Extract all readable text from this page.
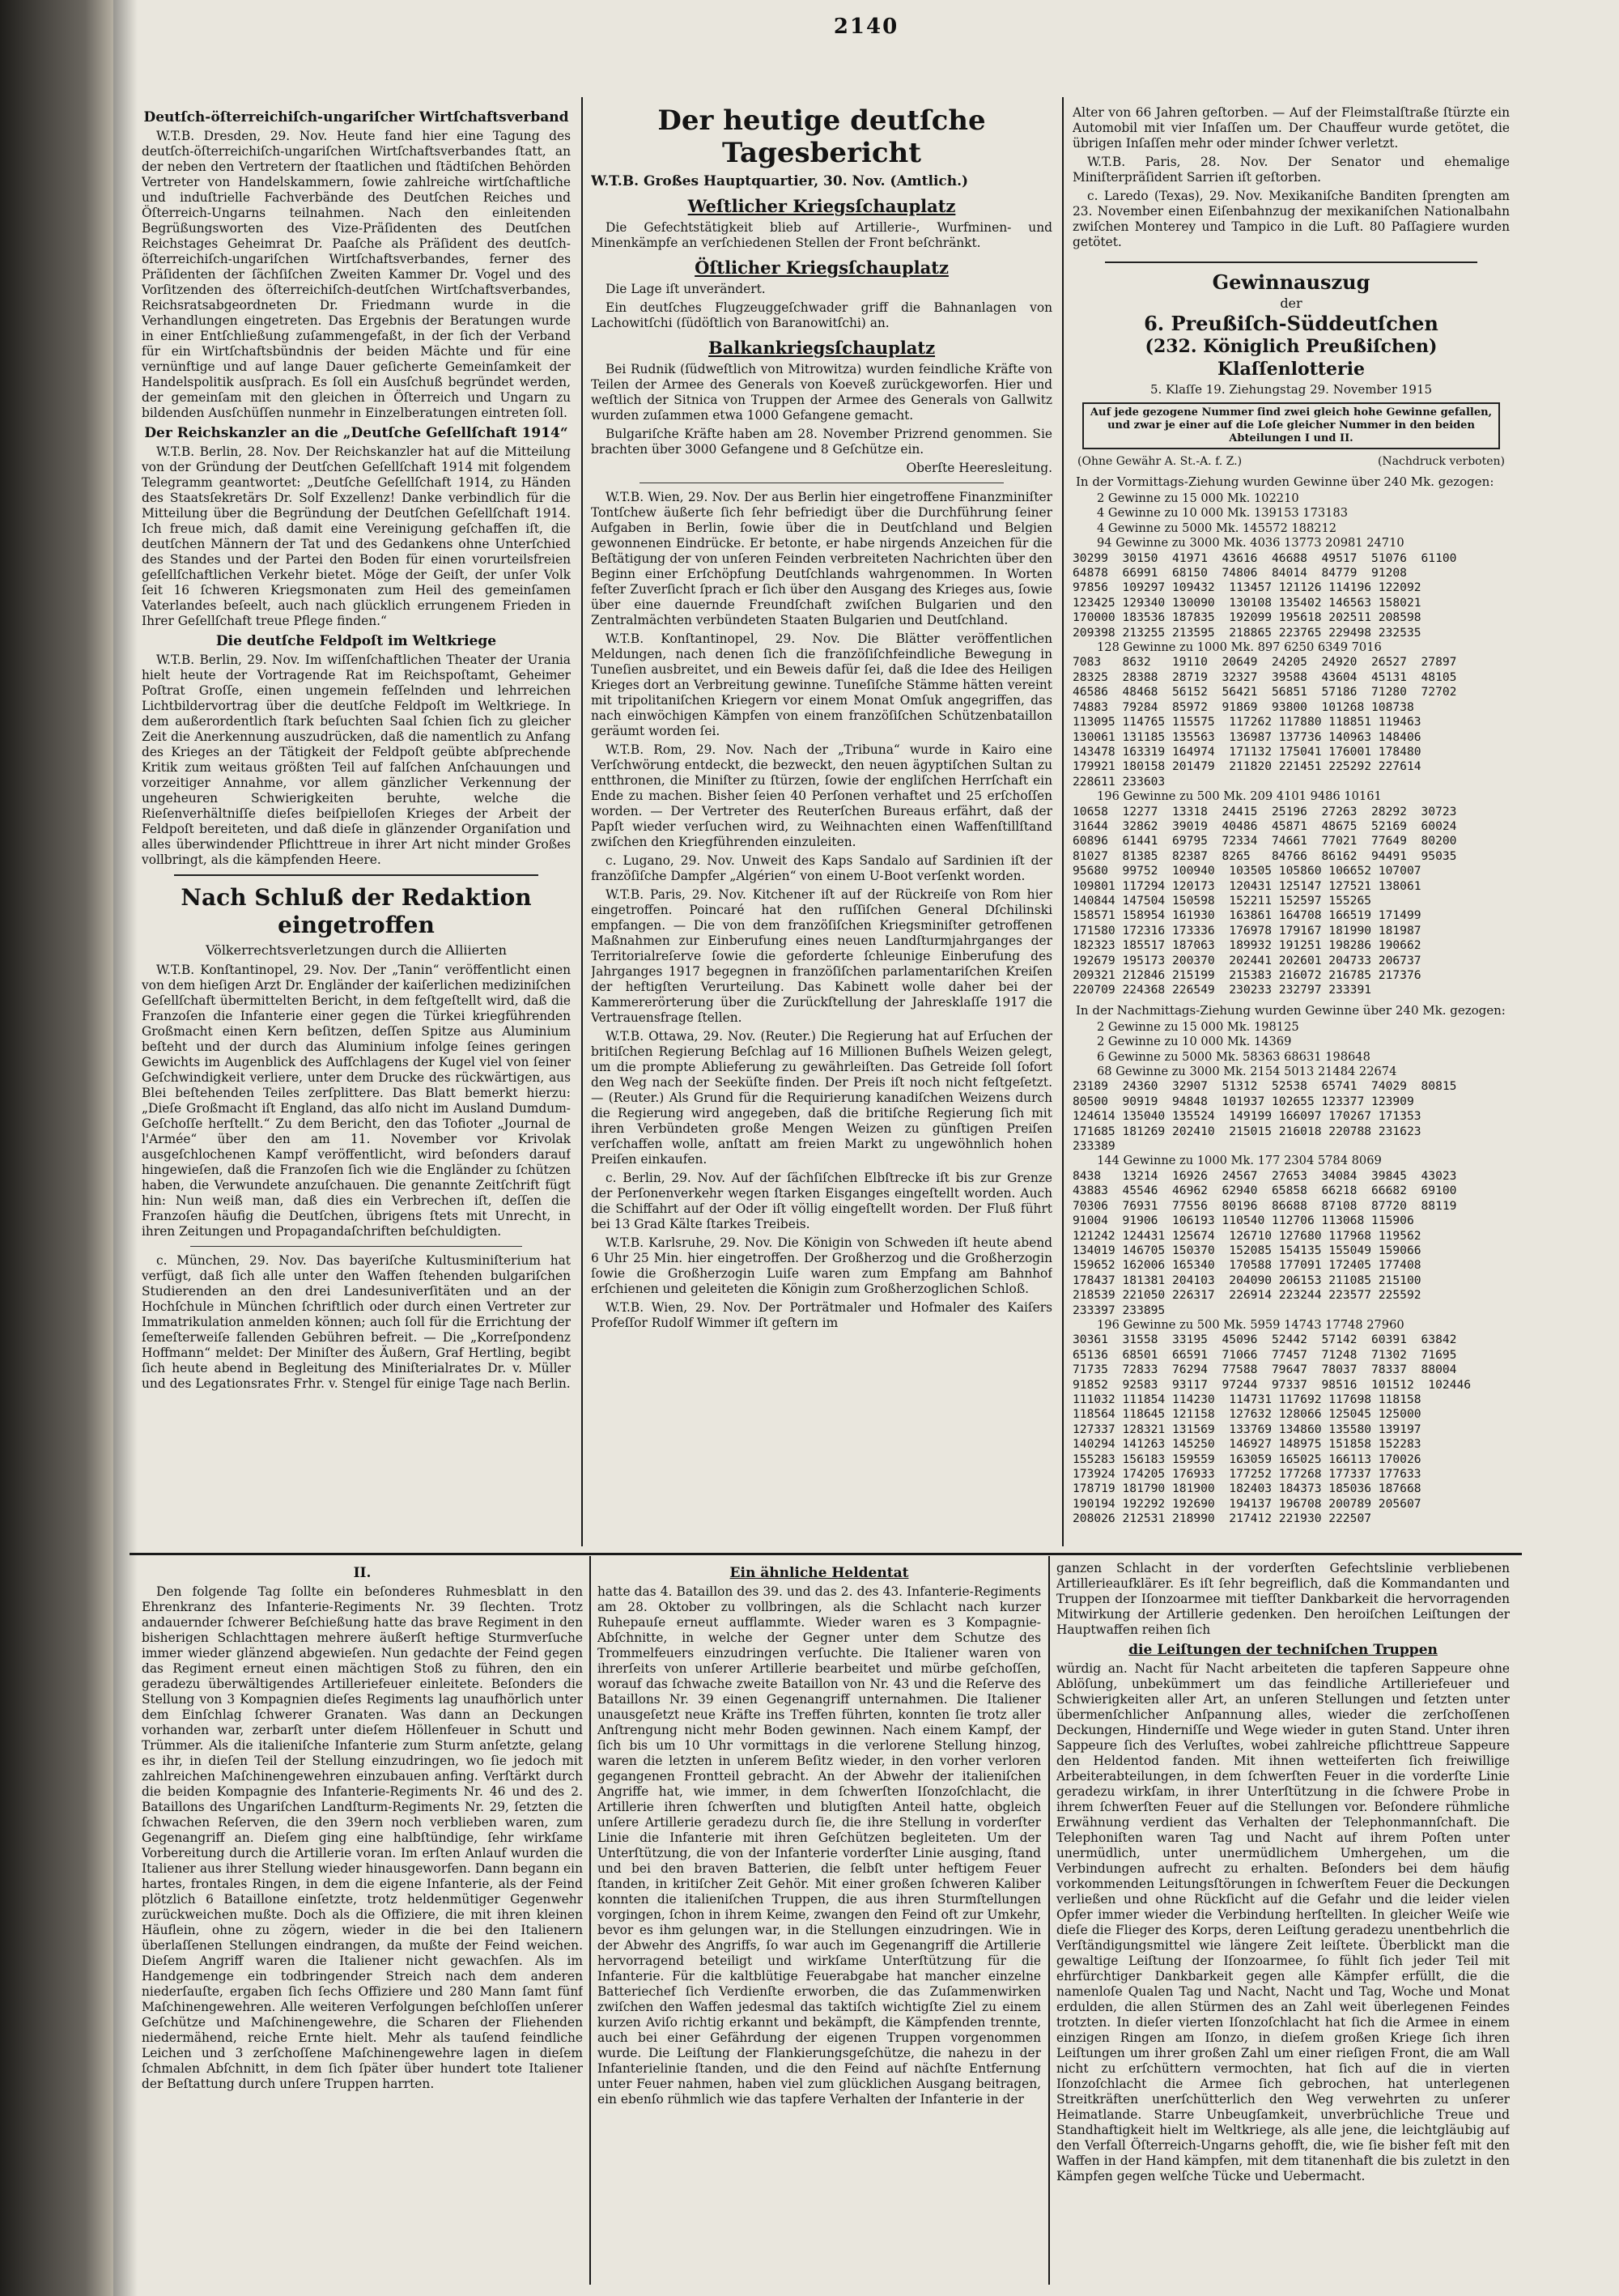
2140
Deutſch-öſterreichiſch-ungariſcher Wirtſchaftsverband

W.T.B. Dresden, 29. Nov. Heute fand hier eine Tagung des deutſch-öſterreichiſch-ungariſchen Wirtſchaftsverbandes ſtatt, an der neben den Vertretern der ſtaatlichen und ſtädtiſchen Behörden Vertreter von Handelskammern, ſowie zahlreiche wirtſchaftliche und induſtrielle Fachverbände des Deutſchen Reiches und Öſterreich-Ungarns teilnahmen. Nach den einleitenden Begrüßungsworten des Vize-Präſidenten des Deutſchen Reichstages Geheimrat Dr. Paaſche als Präſident des deutſch-öſterreichiſch-ungariſchen Wirtſchaftsverbandes, ferner des Präſidenten der ſächſiſchen Zweiten Kammer Dr. Vogel und des Vorſitzenden des öſterreichiſch-deutſchen Wirtſchaftsverbandes, Reichsratsabgeordneten Dr. Friedmann wurde in die Verhandlungen eingetreten. Das Ergebnis der Beratungen wurde in einer Entſchließung zuſammengefaßt, in der ſich der Verband für ein Wirtſchaftsbündnis der beiden Mächte und für eine vernünftige und auf lange Dauer geſicherte Gemeinſamkeit der Handelspolitik ausſprach. Es ſoll ein Ausſchuß begründet werden, der gemeinſam mit den gleichen in Öſterreich und Ungarn zu bildenden Ausſchüſſen nunmehr in Einzelberatungen eintreten ſoll.

Der Reichskanzler an die „Deutſche Geſellſchaft 1914“

W.T.B. Berlin, 28. Nov. Der Reichskanzler hat auf die Mitteilung von der Gründung der Deutſchen Geſellſchaft 1914 mit folgendem Telegramm geantwortet: „Deutſche Geſellſchaft 1914, zu Händen des Staatsſekretärs Dr. Solf Exzellenz! Danke verbindlich für die Mitteilung über die Begründung der Deutſchen Geſellſchaft 1914. Ich freue mich, daß damit eine Vereinigung geſchaffen iſt, die deutſchen Männern der Tat und des Gedankens ohne Unterſchied des Standes und der Partei den Boden für einen vorurteilsfreien geſellſchaftlichen Verkehr bietet. Möge der Geiſt, der unſer Volk ſeit 16 ſchweren Kriegsmonaten zum Heil des gemeinſamen Vaterlandes beſeelt, auch nach glücklich errungenem Frieden in Ihrer Geſellſchaft treue Pflege finden.“

Die deutſche Feldpoſt im Weltkriege

W.T.B. Berlin, 29. Nov. Im wiſſenſchaftlichen Theater der Urania hielt heute der Vortragende Rat im Reichspoſtamt, Geheimer Poſtrat Groſſe, einen ungemein feſſelnden und lehrreichen Lichtbildervortrag über die deutſche Feldpoſt im Weltkriege. In dem außerordentlich ſtark beſuchten Saal ſchien ſich zu gleicher Zeit die Anerkennung auszudrücken, daß die namentlich zu Anfang des Krieges an der Tätigkeit der Feldpoſt geübte abſprechende Kritik zum weitaus größten Teil auf falſchen Anſchauungen und vorzeitiger Annahme, vor allem gänzlicher Verkennung der ungeheuren Schwierigkeiten beruhte, welche die Rieſenverhältniſſe dieſes beiſpielloſen Krieges der Arbeit der Feldpoſt bereiteten, und daß dieſe in glänzender Organiſation und alles überwindender Pflichttreue in ihrer Art nicht minder Großes vollbringt, als die kämpfenden Heere.

Nach Schluß der Redaktion eingetroffen
Völkerrechtsverletzungen durch die Alliierten

W.T.B. Konſtantinopel, 29. Nov. Der „Tanin“ veröffentlicht einen von dem hieſigen Arzt Dr. Engländer der kaiſerlichen mediziniſchen Geſellſchaft übermittelten Bericht, in dem feſtgeſtellt wird, daß die Franzoſen die Infanterie einer gegen die Türkei kriegführenden Großmacht einen Kern beſitzen, deſſen Spitze aus Aluminium beſteht und der durch das Aluminium infolge ſeines geringen Gewichts im Augenblick des Aufſchlagens der Kugel viel von ſeiner Geſchwindigkeit verliere, unter dem Drucke des rückwärtigen, aus Blei beſtehenden Teiles zerſplittere. Das Blatt bemerkt hierzu: „Dieſe Großmacht iſt England, das alſo nicht im Ausland Dumdum-Geſchoſſe herſtellt.“ Zu dem Bericht, den das Tofioter „Journal de l'Armée“ über den am 11. November vor Krivolak ausgeſchlochenen Kampf veröffentlicht, wird beſonders darauf hingewieſen, daß die Franzoſen ſich wie die Engländer zu ſchützen haben, die Verwundete anzuſchauen. Die genannte Zeitſchrift fügt hin: Nun weiß man, daß dies ein Verbrechen iſt, deſſen die Franzoſen häufig die Deutſchen, übrigens ſtets mit Unrecht, in ihren Zeitungen und Propagandaſchriften beſchuldigten.

c. München, 29. Nov. Das bayeriſche Kultusminiſterium hat verfügt, daß ſich alle unter den Waffen ſtehenden bulgariſchen Studierenden an den drei Landesuniverſitäten und an der Hochſchule in München ſchriftlich oder durch einen Vertreter zur Immatrikulation anmelden können; auch ſoll für die Errichtung der ſemeſterweiſe fallenden Gebühren befreit. — Die „Korreſpondenz Hoffmann“ meldet: Der Miniſter des Äußern, Graf Hertling, begibt ſich heute abend in Begleitung des Miniſterialrates Dr. v. Müller und des Legationsrates Frhr. v. Stengel für einige Tage nach Berlin.

Der heutige deutſche Tagesbericht
W.T.B. Großes Hauptquartier, 30. Nov. (Amtlich.)
Weſtlicher Kriegsſchauplatz

Die Gefechtstätigkeit blieb auf Artillerie-, Wurfminen- und Minenkämpfe an verſchiedenen Stellen der Front beſchränkt.

Öſtlicher Kriegsſchauplatz

Die Lage iſt unverändert.

Ein deutſches Flugzeuggeſchwader griff die Bahnanlagen von Lachowitſchi (ſüdöſtlich von Baranowitſchi) an.

Balkankriegsſchauplatz

Bei Rudnik (ſüdweſtlich von Mitrowitza) wurden feindliche Kräfte von Teilen der Armee des Generals von Koeveß zurückgeworfen. Hier und weſtlich der Sitnica von Truppen der Armee des Generals von Gallwitz wurden zuſammen etwa 1000 Gefangene gemacht.

Bulgariſche Kräfte haben am 28. November Prizrend genommen. Sie brachten über 3000 Gefangene und 8 Geſchütze ein.

Oberſte Heeresleitung.

W.T.B. Wien, 29. Nov. Der aus Berlin hier eingetroffene Finanzminiſter Tontſchew äußerte ſich ſehr befriedigt über die Durchführung ſeiner Aufgaben in Berlin, ſowie über die in Deutſchland und Belgien gewonnenen Eindrücke. Er betonte, er habe nirgends Anzeichen für die Beſtätigung der von unſeren Feinden verbreiteten Nachrichten über den Beginn einer Erſchöpfung Deutſchlands wahrgenommen. In Worten feſter Zuverſicht ſprach er ſich über den Ausgang des Krieges aus, ſowie über eine dauernde Freundſchaft zwiſchen Bulgarien und den Zentralmächten verbündeten Staaten Bulgarien und Deutſchland.

W.T.B. Konſtantinopel, 29. Nov. Die Blätter veröffentlichen Meldungen, nach denen ſich die franzöſiſchfeindliche Bewegung in Tuneſien ausbreitet, und ein Beweis dafür ſei, daß die Idee des Heiligen Krieges dort an Verbreitung gewinne. Tuneſiſche Stämme hätten vereint mit tripolitaniſchen Kriegern vor einem Monat Omſuk angegriffen, das nach einwöchigen Kämpfen von einem franzöſiſchen Schützenbataillon geräumt worden ſei.

W.T.B. Rom, 29. Nov. Nach der „Tribuna“ wurde in Kairo eine Verſchwörung entdeckt, die bezweckt, den neuen ägyptiſchen Sultan zu entthronen, die Miniſter zu ſtürzen, ſowie der engliſchen Herrſchaft ein Ende zu machen. Bisher ſeien 40 Perſonen verhaftet und 25 erſchoſſen worden. — Der Vertreter des Reuterſchen Bureaus erfährt, daß der Papſt wieder verſuchen wird, zu Weihnachten einen Waffenſtillſtand zwiſchen den Kriegführenden einzuleiten.

c. Lugano, 29. Nov. Unweit des Kaps Sandalo auf Sardinien iſt der franzöſiſche Dampfer „Algérien“ von einem U-Boot verſenkt worden.

W.T.B. Paris, 29. Nov. Kitchener iſt auf der Rückreiſe von Rom hier eingetroffen. Poincaré hat den ruſſiſchen General Dſchilinski empfangen. — Die von dem franzöſiſchen Kriegsminiſter getroffenen Maßnahmen zur Einberufung eines neuen Landſturmjahrganges der Territorialreſerve ſowie die geforderte ſchleunige Einberufung des Jahrganges 1917 begegnen in franzöſiſchen parlamentariſchen Kreiſen der heftigſten Verurteilung. Das Kabinett wolle daher bei der Kammererörterung über die Zurückſtellung der Jahresklaſſe 1917 die Vertrauensfrage ſtellen.

W.T.B. Ottawa, 29. Nov. (Reuter.) Die Regierung hat auf Erſuchen der britiſchen Regierung Beſchlag auf 16 Millionen Buſhels Weizen gelegt, um die prompte Ablieferung zu gewährleiſten. Das Getreide ſoll ſofort den Weg nach der Seeküſte finden. Der Preis iſt noch nicht feſtgeſetzt. — (Reuter.) Als Grund für die Requirierung kanadiſchen Weizens durch die Regierung wird angegeben, daß die britiſche Regierung ſich mit ihren Verbündeten große Mengen Weizen zu günſtigen Preiſen verſchaffen wolle, anſtatt am freien Markt zu ungewöhnlich hohen Preiſen einkaufen.

c. Berlin, 29. Nov. Auf der ſächſiſchen Elbſtrecke iſt bis zur Grenze der Perſonenverkehr wegen ſtarken Eisganges eingeſtellt worden. Auch die Schiffahrt auf der Oder iſt völlig eingeſtellt worden. Der Fluß führt bei 13 Grad Kälte ſtarkes Treibeis.

W.T.B. Karlsruhe, 29. Nov. Die Königin von Schweden iſt heute abend 6 Uhr 25 Min. hier eingetroffen. Der Großherzog und die Großherzogin ſowie die Großherzogin Luiſe waren zum Empfang am Bahnhof erſchienen und geleiteten die Königin zum Großherzoglichen Schloß.

W.T.B. Wien, 29. Nov. Der Porträtmaler und Hofmaler des Kaiſers Profeſſor Rudolf Wimmer iſt geſtern im

Alter von 66 Jahren geſtorben. — Auf der Fleimstalſtraße ſtürzte ein Automobil mit vier Inſaſſen um. Der Chauffeur wurde getötet, die übrigen Inſaſſen mehr oder minder ſchwer verletzt.

W.T.B. Paris, 28. Nov. Der Senator und ehemalige Miniſterpräſident Sarrien iſt geſtorben.

c. Laredo (Texas), 29. Nov. Mexikaniſche Banditen ſprengten am 23. November einen Eiſenbahnzug der mexikaniſchen Nationalbahn zwiſchen Monterey und Tampico in die Luft. 80 Paſſagiere wurden getötet.

Gewinnauszug
der
6. Preußiſch-Süddeutſchen
(232. Königlich Preußiſchen) Klaſſenlotterie
5. Klaſſe 19. Ziehungstag 29. November 1915
Auf jede gezogene Nummer ſind zwei gleich hohe Gewinne gefallen, und zwar je einer auf die Loſe gleicher Nummer in den beiden Abteilungen I und II.
(Ohne Gewähr A. St.-A. f. Z.)	(Nachdruck verboten)
In der Vormittags-Ziehung wurden Gewinne über 240 Mk. gezogen:
2 Gewinne zu 15 000 Mk. 102210
4 Gewinne zu 10 000 Mk. 139153 173183
4 Gewinne zu 5000 Mk. 145572 188212
94 Gewinne zu 3000 Mk. 4036 13773 20981 24710
30299  30150  41971  43616  46688  49517  51076  61100
64878  66991  68150  74806  84014  84779  91208
97856  109297 109432  113457 121126 114196 122092
123425 129340 130090  130108 135402 146563 158021
170000 183536 187835  192099 195618 202511 208598
209398 213255 213595  218865 223765 229498 232535
128 Gewinne zu 1000 Mk. 897 6250 6349 7016
7083   8632   19110  20649  24205  24920  26527  27897
28325  28388  28719  32327  39588  43604  45131  48105
46586  48468  56152  56421  56851  57186  71280  72702
74883  79284  85972  91869  93800  101268 108738
113095 114765 115575  117262 117880 118851 119463
130061 131185 135563  136987 137736 140963 148406
143478 163319 164974  171132 175041 176001 178480
179921 180158 201479  211820 221451 225292 227614
228611 233603
196 Gewinne zu 500 Mk. 209 4101 9486 10161
10658  12277  13318  24415  25196  27263  28292  30723
31644  32862  39019  40486  45871  48675  52169  60024
60896  61441  69795  72334  74661  77021  77649  80200
81027  81385  82387  8265   84766  86162  94491  95035
95680  99752  100940  103505 105860 106652 107007
109801 117294 120173  120431 125147 127521 138061
140844 147504 150598  152211 152597 155265
158571 158954 161930  163861 164708 166519 171499
171580 172316 173336  176978 179167 181990 181987
182323 185517 187063  189932 191251 198286 190662
192679 195173 200370  202441 202601 204733 206737
209321 212846 215199  215383 216072 216785 217376
220709 224368 226549  230233 232797 233391
In der Nachmittags-Ziehung wurden Gewinne über 240 Mk. gezogen:
2 Gewinne zu 15 000 Mk. 198125
2 Gewinne zu 10 000 Mk. 14369
6 Gewinne zu 5000 Mk. 58363 68631 198648
68 Gewinne zu 3000 Mk. 2154 5013 21484 22674
23189  24360  32907  51312  52538  65741  74029  80815
80500  90919  94848  101937 102655 123377 123909
124614 135040 135524  149199 166097 170267 171353
171685 181269 202410  215015 216018 220788 231623
233389
144 Gewinne zu 1000 Mk. 177 2304 5784 8069
8438   13214  16926  24567  27653  34084  39845  43023
43883  45546  46962  62940  65858  66218  66682  69100
70306  76931  77556  80196  86688  87108  87720  88119
91004  91906  106193 110540 112706 113068 115906
121242 124431 125674  126710 127680 117968 119562
134019 146705 150370  152085 154135 155049 159066
159652 162006 165340  170588 177091 172405 177408
178437 181381 204103  204090 206153 211085 215100
218539 221050 226317  226914 223244 223577 225592
233397 233895
196 Gewinne zu 500 Mk. 5959 14743 17748 27960
30361  31558  33195  45096  52442  57142  60391  63842
65136  68501  66591  71066  77457  71248  71302  71695
71735  72833  76294  77588  79647  78037  78337  88004
91852  92583  93117  97244  97337  98516  101512  102446
111032 111854 114230  114731 117692 117698 118158
118564 118645 121158  127632 128066 125045 125000
127337 128321 131569  133769 134860 135580 139197
140294 141263 145250  146927 148975 151858 152283
155283 156183 159559  163059 165025 166113 170026
173924 174205 176933  177252 177268 177337 177633
178719 181790 181900  182403 184373 185036 187668
190194 192292 192690  194137 196708 200789 205607
208026 212531 218990  217412 221930 222507
II.

Den folgende Tag ſollte ein beſonderes Ruhmesblatt in den Ehrenkranz des Infanterie-Regiments Nr. 39 ſlechten. Trotz andauernder ſchwerer Beſchießung hatte das brave Regiment in den bisherigen Schlachttagen mehrere äußerſt heftige Sturmverſuche immer wieder glänzend abgewieſen. Nun gedachte der Feind gegen das Regiment erneut einen mächtigen Stoß zu führen, den ein geradezu überwältigendes Artilleriefeuer einleitete. Beſonders die Stellung von 3 Kompagnien dieſes Regiments lag unaufhörlich unter dem Einſchlag ſchwerer Granaten. Was dann an Deckungen vorhanden war, zerbarſt unter dieſem Höllenfeuer in Schutt und Trümmer. Als die italieniſche Infanterie zum Sturm anſetzte, gelang es ihr, in dieſen Teil der Stellung einzudringen, wo ſie jedoch mit zahlreichen Maſchinengewehren einzubauen anfing. Verſtärkt durch die beiden Kompagnie des Infanterie-Regiments Nr. 46 und des 2. Bataillons des Ungariſchen Landſturm-Regiments Nr. 29, ſetzten die ſchwachen Reſerven, die den 39ern noch verblieben waren, zum Gegenangriff an. Dieſem ging eine halbſtündige, ſehr wirkſame Vorbereitung durch die Artillerie voran. Im erſten Anlauf wurden die Italiener aus ihrer Stellung wieder hinausgeworfen. Dann begann ein hartes, frontales Ringen, in dem die eigene Infanterie, als der Feind plötzlich 6 Bataillone einſetzte, trotz heldenmütiger Gegenwehr zurückweichen mußte. Doch als die Offiziere, die mit ihren kleinen Häuflein, ohne zu zögern, wieder in die bei den Italienern überlaſſenen Stellungen eindrangen, da mußte der Feind weichen. Dieſem Angriff waren die Italiener nicht gewachſen. Als im Handgemenge ein todbringender Streich nach dem anderen niederſauſte, ergaben ſich ſechs Offiziere und 280 Mann ſamt fünf Maſchinengewehren. Alle weiteren Verfolgungen beſchloſſen unſerer Geſchütze und Maſchinengewehre, die Scharen der Fliehenden niedermähend, reiche Ernte hielt. Mehr als tauſend feindliche Leichen und 3 zerſchoſſene Maſchinengewehre lagen in dieſem ſchmalen Abſchnitt, in dem ſich ſpäter über hundert tote Italiener der Beſtattung durch unſere Truppen harrten.

Ein ähnliche Heldentat

hatte das 4. Bataillon des 39. und das 2. des 43. Infanterie-Regiments am 28. Oktober zu vollbringen, als die Schlacht nach kurzer Ruhepauſe erneut aufflammte. Wieder waren es 3 Kompagnie-Abſchnitte, in welche der Gegner unter dem Schutze des Trommelfeuers einzudringen verſuchte. Die Italiener waren von ihrerſeits von unſerer Artillerie bearbeitet und mürbe geſchoſſen, worauf das ſchwache zweite Bataillon von Nr. 43 und die Reſerve des Bataillons Nr. 39 einen Gegenangriff unternahmen. Die Italiener unausgeſetzt neue Kräfte ins Treffen führten, konnten ſie trotz aller Anſtrengung nicht mehr Boden gewinnen. Nach einem Kampf, der ſich bis um 10 Uhr vormittags in die verlorene Stellung hinzog, waren die letzten in unſerem Beſitz wieder, in den vorher verloren gegangenen Frontteil gebracht. An der Abwehr der italieniſchen Angriffe hat, wie immer, in dem ſchwerſten Iſonzoſchlacht, die Artillerie ihren ſchwerſten und blutigſten Anteil hatte, obgleich unſere Artillerie geradezu durch ſie, die ihre Stellung in vorderſter Linie die Infanterie mit ihren Geſchützen begleiteten. Um der Unterſtützung, die von der Infanterie vorderſter Linie ausging, ſtand und bei den braven Batterien, die ſelbſt unter heftigem Feuer ſtanden, in kritiſcher Zeit Gehör. Mit einer großen ſchweren Kaliber konnten die italieniſchen Truppen, die aus ihren Sturmſtellungen vorgingen, ſchon in ihrem Keime, zwangen den Feind oft zur Umkehr, bevor es ihm gelungen war, in die Stellungen einzudringen. Wie in der Abwehr des Angriffs, ſo war auch im Gegenangriff die Artillerie hervorragend beteiligt und wirkſame Unterſtützung für die Infanterie. Für die kaltblütige Feuerabgabe hat mancher einzelne Batteriechef ſich Verdienſte erworben, die das Zuſammenwirken zwiſchen den Waffen jedesmal das taktiſch wichtigſte Ziel zu einem kurzen Aviſo richtig erkannt und bekämpft, die Kämpfenden trennte, auch bei einer Gefährdung der eigenen Truppen vorgenommen wurde. Die Leiſtung der Flankierungsgeſchütze, die nahezu in der Infanterielinie ſtanden, und die den Feind auf nächſte Entfernung unter Feuer nahmen, haben viel zum glücklichen Ausgang beitragen, ein ebenſo rühmlich wie das tapfere Verhalten der Infanterie in der

ganzen Schlacht in der vorderſten Gefechtslinie verbliebenen Artillerieaufklärer. Es iſt ſehr begreiflich, daß die Kommandanten und Truppen der Iſonzoarmee mit tiefſter Dankbarkeit die hervorragenden Mitwirkung der Artillerie gedenken. Den heroiſchen Leiſtungen der Hauptwaffen reihen ſich

die Leiſtungen der techniſchen Truppen

würdig an. Nacht für Nacht arbeiteten die tapferen Sappeure ohne Ablöſung, unbekümmert um das feindliche Artilleriefeuer und Schwierigkeiten aller Art, an unſeren Stellungen und ſetzten unter übermenſchlicher Anſpannung alles, wieder die zerſchoſſenen Deckungen, Hinderniſſe und Wege wieder in guten Stand. Unter ihren Sappeure ſich des Verluſtes, wobei zahlreiche pflichttreue Sappeure den Heldentod fanden. Mit ihnen wetteiferten ſich freiwillige Arbeiterabteilungen, in dem ſchwerſten Feuer in die vorderſte Linie geradezu wirkſam, in ihrer Unterſtützung in die ſchwere Probe in ihrem ſchwerſten Feuer auf die Stellungen vor. Beſondere rühmliche Erwähnung verdient das Verhalten der Telephonmannſchaft. Die Telephoniſten waren Tag und Nacht auf ihrem Poſten unter unermüdlich, unter unermüdlichem Umhergehen, um die Verbindungen aufrecht zu erhalten. Beſonders bei dem häufig vorkommenden Leitungsſtörungen in ſchwerſtem Feuer die Deckungen verließen und ohne Rückſicht auf die Gefahr und die leider vielen Opfer immer wieder die Verbindung herſtellten. In gleicher Weiſe wie dieſe die Flieger des Korps, deren Leiſtung geradezu unentbehrlich die Verſtändigungsmittel wie längere Zeit leiſtete. Überblickt man die gewaltige Leiſtung der Iſonzoarmee, ſo fühlt ſich jeder Teil mit ehrfürchtiger Dankbarkeit gegen alle Kämpfer erfüllt, die die namenloſe Qualen Tag und Nacht, Nacht und Tag, Woche und Monat erdulden, die allen Stürmen des an Zahl weit überlegenen Feindes trotzten. In dieſer vierten Iſonzoſchlacht hat ſich die Armee in einem einzigen Ringen am Iſonzo, in dieſem großen Kriege ſich ihren Leiſtungen um ihrer großen Zahl um einer rieſigen Front, die am Wall nicht zu erſchüttern vermochten, hat ſich auf die in vierten Iſonzoſchlacht die Armee ſich gebrochen, hat unterlegenen Streitkräften unerſchütterlich den Weg verwehrten zu unſerer Heimatlande. Starre Unbeugſamkeit, unverbrüchliche Treue und Standhaftigkeit hielt im Weltkriege, als alle jene, die leichtgläubig auf den Verfall Öſterreich-Ungarns gehofft, die, wie ſie bisher feſt mit den Waffen in der Hand kämpfen, mit dem titanenhaft die bis zuletzt in den Kämpfen gegen welſche Tücke und Uebermacht.
